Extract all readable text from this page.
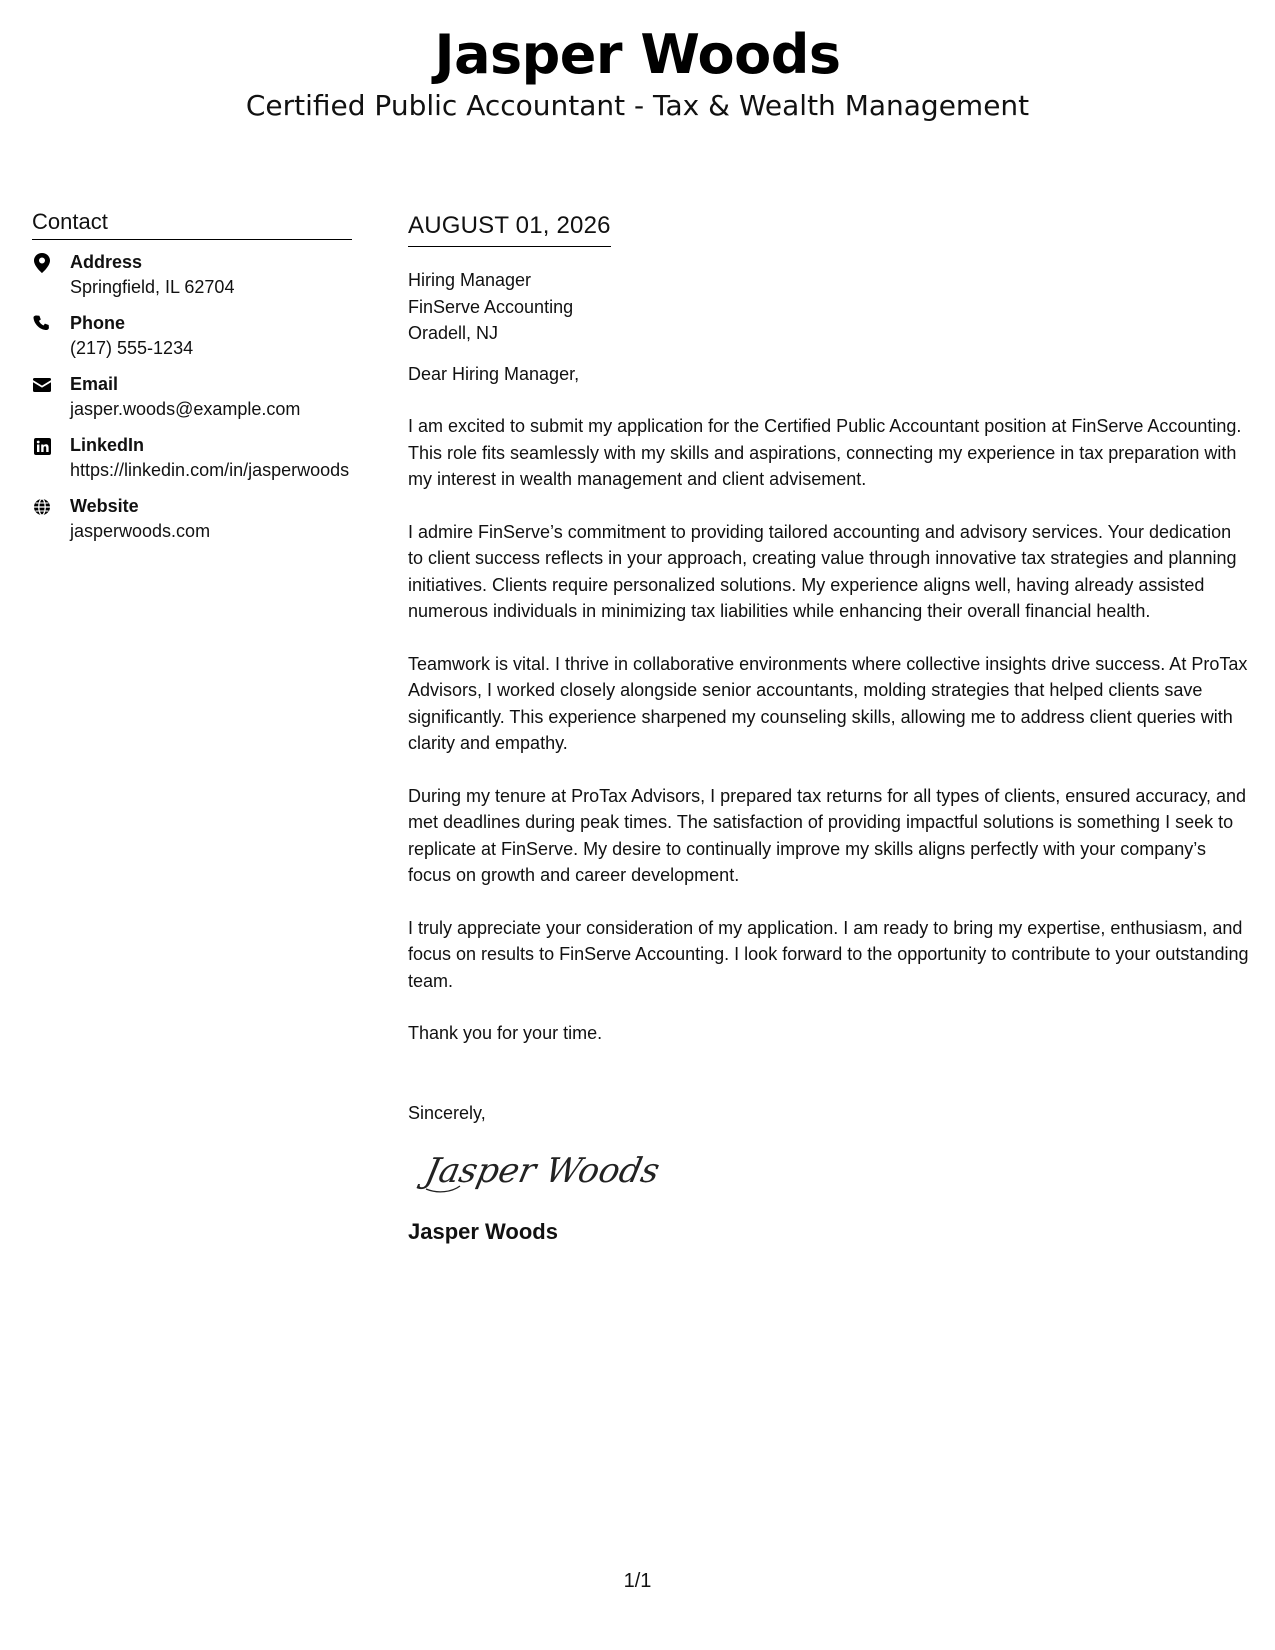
Jasper Woods
Certified Public Accountant - Tax & Wealth Management
Contact
Address
Springfield, IL 62704
Phone
(217) 555-1234
Email
jasper.woods@example.com
LinkedIn
https://linkedin.com/in/jasperwoods
Website
jasperwoods.com
AUGUST 01, 2026
Hiring Manager
FinServe Accounting
Oradell, NJ
Dear Hiring Manager,
I am excited to submit my application for the Certified Public Accountant position at FinServe Accounting. This role fits seamlessly with my skills and aspirations, connecting my experience in tax preparation with my interest in wealth management and client advisement.
I admire FinServe’s commitment to providing tailored accounting and advisory services. Your dedication to client success reflects in your approach, creating value through innovative tax strategies and planning initiatives. Clients require personalized solutions. My experience aligns well, having already assisted numerous individuals in minimizing tax liabilities while enhancing their overall financial health.
Teamwork is vital. I thrive in collaborative environments where collective insights drive success. At ProTax Advisors, I worked closely alongside senior accountants, molding strategies that helped clients save significantly. This experience sharpened my counseling skills, allowing me to address client queries with clarity and empathy.
During my tenure at ProTax Advisors, I prepared tax returns for all types of clients, ensured accuracy, and met deadlines during peak times. The satisfaction of providing impactful solutions is something I seek to replicate at FinServe. My desire to continually improve my skills aligns perfectly with your company’s focus on growth and career development.
I truly appreciate your consideration of my application. I am ready to bring my expertise, enthusiasm, and focus on results to FinServe Accounting. I look forward to the opportunity to contribute to your outstanding team.
Thank you for your time.
Sincerely,
Jasper Woods
Jasper Woods
1/1
